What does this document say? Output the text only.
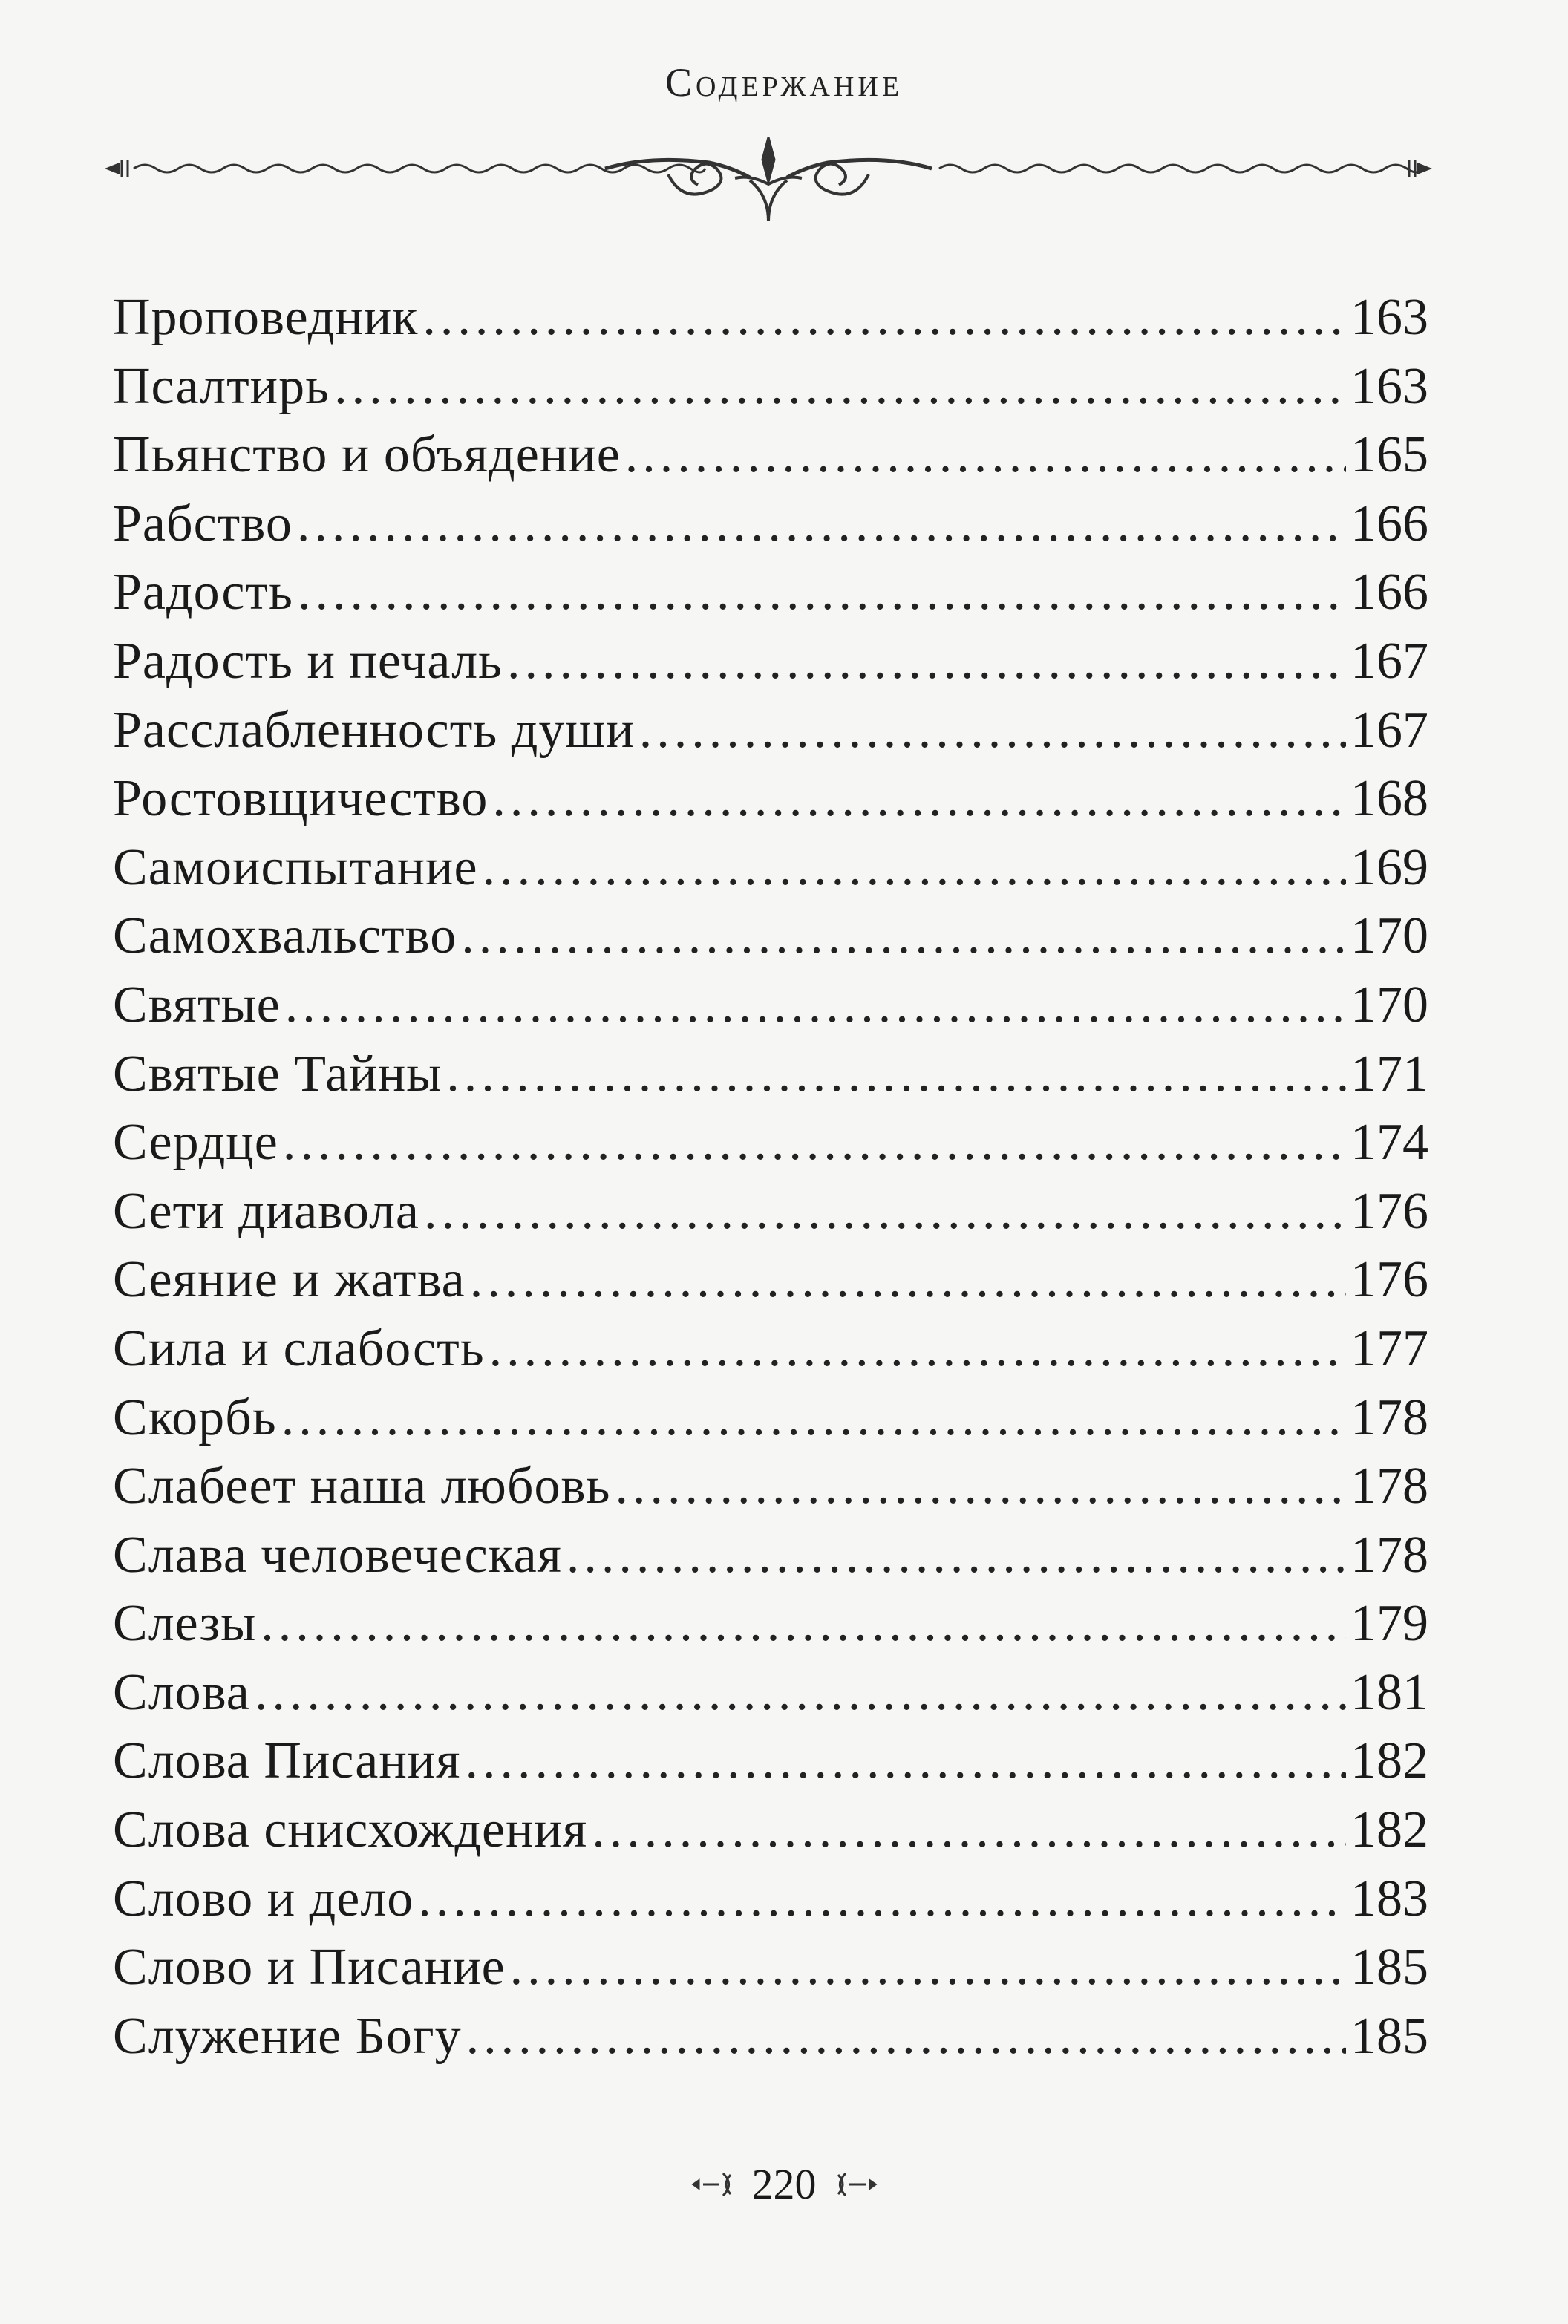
Содержание
Проповедник .....	163
Псалтирь .....	163
Пьянство и объядение .....	165
Рабство .....	166
Радость .....	166
Радость и печаль .....	167
Расслабленность души .....	167
Ростовщичество .....	168
Самоиспытание .....	169
Самохвальство .....	170
Святые .....	170
Святые Тайны .....	171
Сердце .....	174
Сети диавола .....	176
Сеяние и жатва .....	176
Сила и слабость .....	177
Скорбь .....	178
Слабеет наша любовь .....	178
Слава человеческая .....	178
Слезы .....	179
Слова .....	181
Слова Писания .....	182
Слова снисхождения .....	182
Слово и дело .....	183
Слово и Писание .....	185
Служение Богу .....	185
220
